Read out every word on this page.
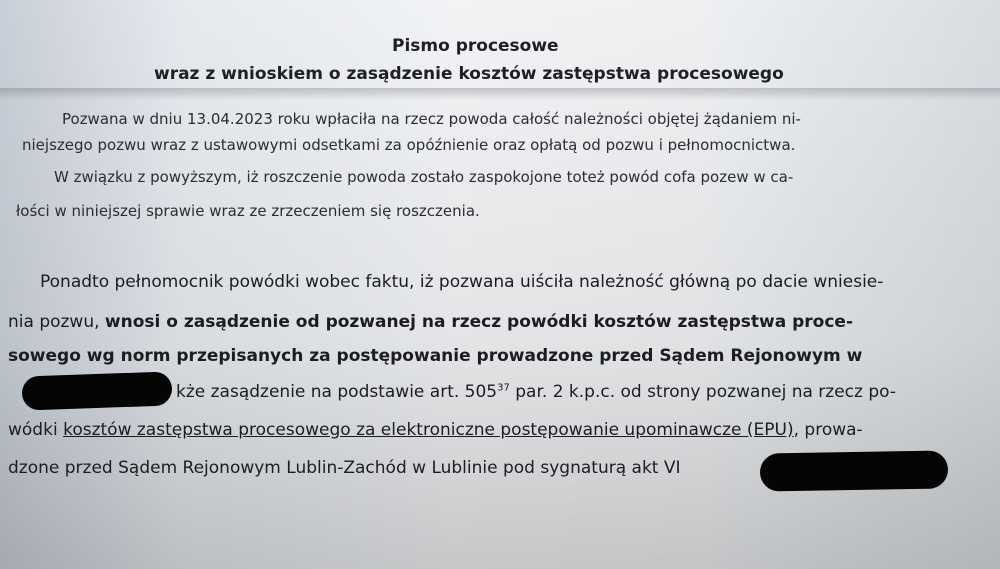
Pismo procesowe
wraz z wnioskiem o zasądzenie kosztów zastępstwa procesowego
Pozwana w dniu 13.04.2023 roku wpłaciła na rzecz powoda całość należności objętej żądaniem ni-
niejszego pozwu wraz z ustawowymi odsetkami za opóźnienie oraz opłatą od pozwu i pełnomocnictwa.
W związku z powyższym, iż roszczenie powoda zostało zaspokojone toteż powód cofa pozew w ca-
łości w niniejszej sprawie wraz ze zrzeczeniem się roszczenia.
Ponadto pełnomocnik powódki wobec faktu, iż pozwana uiściła należność główną po dacie wniesie-
nia pozwu, wnosi o zasądzenie od pozwanej na rzecz powódki kosztów zastępstwa proce-
sowego wg norm przepisanych za postępowanie prowadzone przed Sądem Rejonowym w
kże zasądzenie na podstawie art. $505^{37}$ par. 2 k.p.c. od strony pozwanej na rzecz po-
wódki kosztów zastępstwa procesowego za elektroniczne postępowanie upominawcze (EPU), prowa-
dzone przed Sądem Rejonowym Lublin-Zachód w Lublinie pod sygnaturą akt VI
